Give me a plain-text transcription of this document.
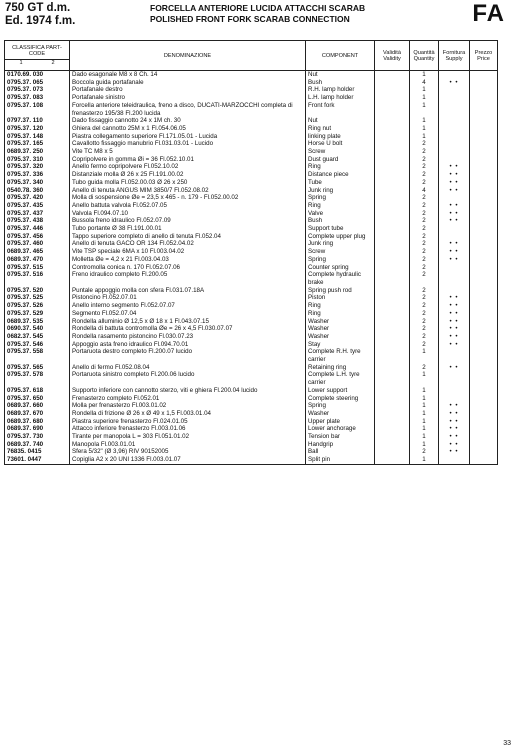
750 GT d.m.
Ed. 1974 f.m.
FORCELLA ANTERIORE LUCIDA ATTACCHI SCARAB
POLISHED FRONT FORK SCARAB CONNECTION	FA
CLASSIFICA PART-CODE
1 2	DENOMINAZIONE	COMPONENT	Validità Validity	Quantità Quantity	Fornitura Supply	Prezzo Price
0170.69. 030	Dado esagonale M8 x 8 Ch. 14	Nut		1		
0795.37. 065	Boccola guida portafanale	Bush		4	• •	
0795.37. 073	Portafanale destro	R.H. lamp holder		1		
0795.37. 083	Portafanale sinistro	L.H. lamp holder		1		
0795.37. 108	Forcella anteriore teleidraulica, freno a disco, DUCATI-MARZOCCHI completa di frenasterzo 195/38 Fl.200 lucida	Front fork		1		
0797.37. 110	Dado fissaggio cannotto 24 x 1M ch. 30	Nut		1		
0795.37. 120	Ghiera del cannotto 25M x 1 Fl.054.06.05	Ring nut		1		
0795.37. 148	Piastra collegamento superiore Fl.171.05.01 - Lucida	linking plate		1		
0795.37. 165	Cavallotto fissaggio manubrio Fl.031.03.01 - Lucido	Horse U bolt		2		
0689.37. 250	Vite TC M8 x 5	Screw		2		
0795.37. 310	Copripolvere in gomma Øi = 36 Fl.052.10.01	Dust guard		2		
0795.37. 320	Anello fermo copripolvere Fl.052.10.02	Ring		2	• •	
0795.37. 336	Distanziale molla Ø 26 x 25 Fl.191.00.02	Distance piece		2	• •	
0795.37. 340	Tubo guida molla Fl.052.00.03 Ø 26 x 250	Tube		2	• •	
0540.78. 360	Anello di tenuta ANGUS MIM 3850/7 Fl.052.08.02	Junk ring		4	• •	
0795.37. 420	Molla di sospensione Øe = 23,5 x 465 - n. 179 - Fl.052.00.02	Spring		2		
0795.37. 435	Anello battuta valvola Fl.052.07.05	Ring		2	• •	
0795.37. 437	Valvola Fl.094.07.10	Valve		2	• •	
0795.37. 438	Bussola freno idraulico Fl.052.07.09	Bush		2	• •	
0795.37. 446	Tubo portante Ø 38 Fl.191.00.01	Support tube		2		
0795.37. 456	Tappo superiore completo di anello di tenuta Fl.052.04	Complete upper plug		2		
0795.37. 460	Anello di tenuta GACO OR 134 Fl.052.04.02	Junk ring		2	• •	
0689.37. 465	Vite TSP speciale 6MA x 10 Fl.003.04.02	Screw		2	• •	
0689.37. 470	Molletta Øe = 4,2 x 21 Fl.003.04.03	Spring		2	• •	
0795.37. 515	Contromolla conica n. 170 Fl.052.07.06	Counter spring		2		
0795.37. 516	Freno idraulico completo Fl.200.05	Complete hydraulic brake		2		
0795.37. 520	Puntale appoggio molla con sfera Fl.031.07.18A	Spring push rod		2		
0795.37. 525	Pistoncino Fl.052.07.01	Piston		2	• •	
0795.37. 526	Anello interno segmento Fl.052.07.07	Ring		2	• •	
0795.37. 529	Segmento Fl.052.07.04	Ring		2	• •	
0689.37. 535	Rondella alluminio Ø 12,5 x Ø 18 x 1 Fl.043.07.15	Washer		2	• •	
0690.37. 540	Rondella di battuta contromolla Øe = 26 x 4,5 Fl.030.07.07	Washer		2	• •	
0682.37. 545	Rondella rasamento pistoncino Fl.030.07.23	Washer		2	• •	
0795.37. 546	Appoggio asta freno idraulico Fl.094.70.01	Stay		2	• •	
0795.37. 558	Portaruota destro completo Fl.200.07 lucido	Complete R.H. tyre carrier		1		
0795.37. 565	Anello di fermo Fl.052.08.04	Retaining ring		2	• •	
0795.37. 578	Portaruota sinistro completo Fl.200.06 lucido	Complete L.H. tyre carrier		1		
0795.37. 618	Supporto inferiore con cannotto sterzo, viti e ghiera Fl.200.04 lucido	Lower support		1		
0795.37. 650	Frenasterzo completo Fl.052.01	Complete steering		1		
0689.37. 660	Molla per frenasterzo Fl.003.01.02	Spring		1	• •	
0689.37. 670	Rondella di frizione Ø 26 x Ø 49 x 1,5 Fl.003.01.04	Washer		1	• •	
0689.37. 680	Piastra superiore frenasterzo Fl.024.01.05	Upper plate		1	• •	
0689.37. 690	Attacco inferiore frenasterzo Fl.003.01.06	Lower anchorage		1	• •	
0795.37. 730	Tirante per manopola L = 303 Fl.051.01.02	Tension bar		1	• •	
0689.37. 740	Manopola Fl.003.01.01	Handgrip		1	• •	
76835. 0415	Sfera 5/32" (Ø 3,96) RIV 90152005	Ball		2	• •	
73601. 0447	Copiglia A2 x 20 UNI 1336 Fl.003.01.07	Split pin		1		
33
